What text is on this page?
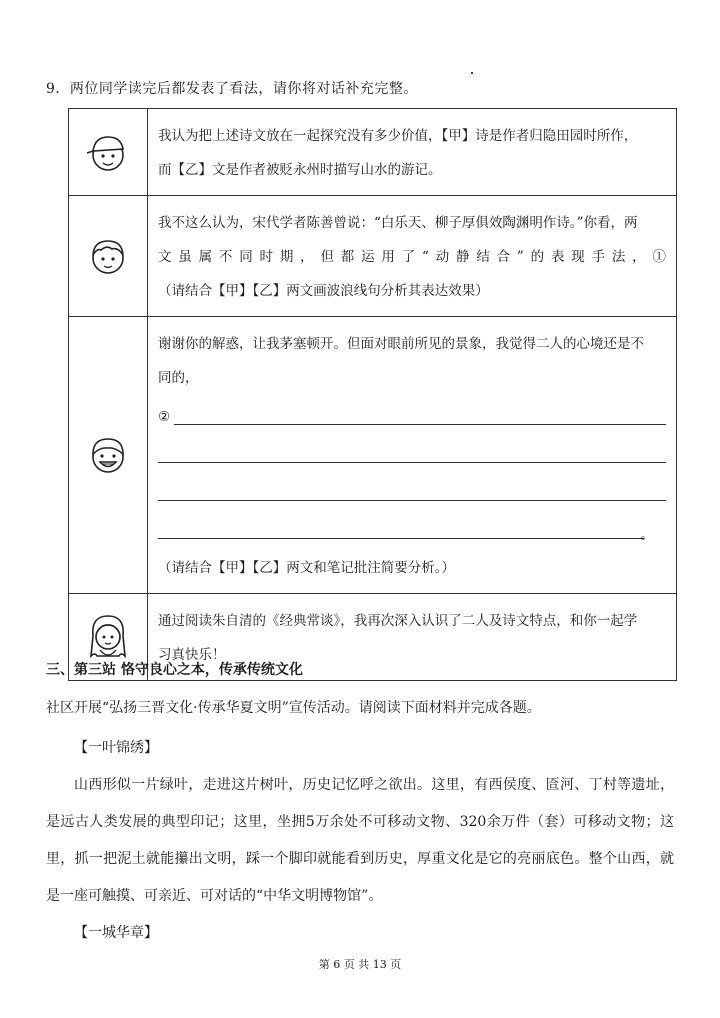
9．两位同学读完后都发表了看法，请你将对话补充完整。

我认为把上述诗文放在一起探究没有多少价值，【甲】诗是作者归隐田园时所作，
而【乙】文是作者被贬永州时描写山水的游记。

我不这么认为，宋代学者陈善曾说：“白乐天、柳子厚俱效陶渊明作诗。”你看，两
文虽属不同时期，但都运用了“动静结合”的表现手法，①
（请结合【甲】【乙】两文画波浪线句分析其表达效果）

谢谢你的解惑，让我茅塞顿开。但面对眼前所见的景象，我觉得二人的心境还是不
同的，
②
。
（请结合【甲】【乙】两文和笔记批注简要分析。）

通过阅读朱自清的《经典常谈》，我再次深入认识了二人及诗文特点，和你一起学
习真快乐！
三、第三站 恪守良心之本，传承传统文化
社区开展“弘扬三晋文化·传承华夏文明”宣传活动。请阅读下面材料并完成各题。
【一叶锦绣】
山西形似一片绿叶，走进这片树叶，历史记忆呼之欲出。这里，有西侯度、匼河、丁村等遗址，是远古人类发展的典型印记；这里，坐拥5万余处不可移动文物、320余万件（套）可移动文物；这里，抓一把泥土就能攥出文明，踩一个脚印就能看到历史，厚重文化是它的亮丽底色。整个山西，就是一座可触摸、可亲近、可对话的“中华文明博物馆”。
【一城华章】
第 6 页 共 13 页
